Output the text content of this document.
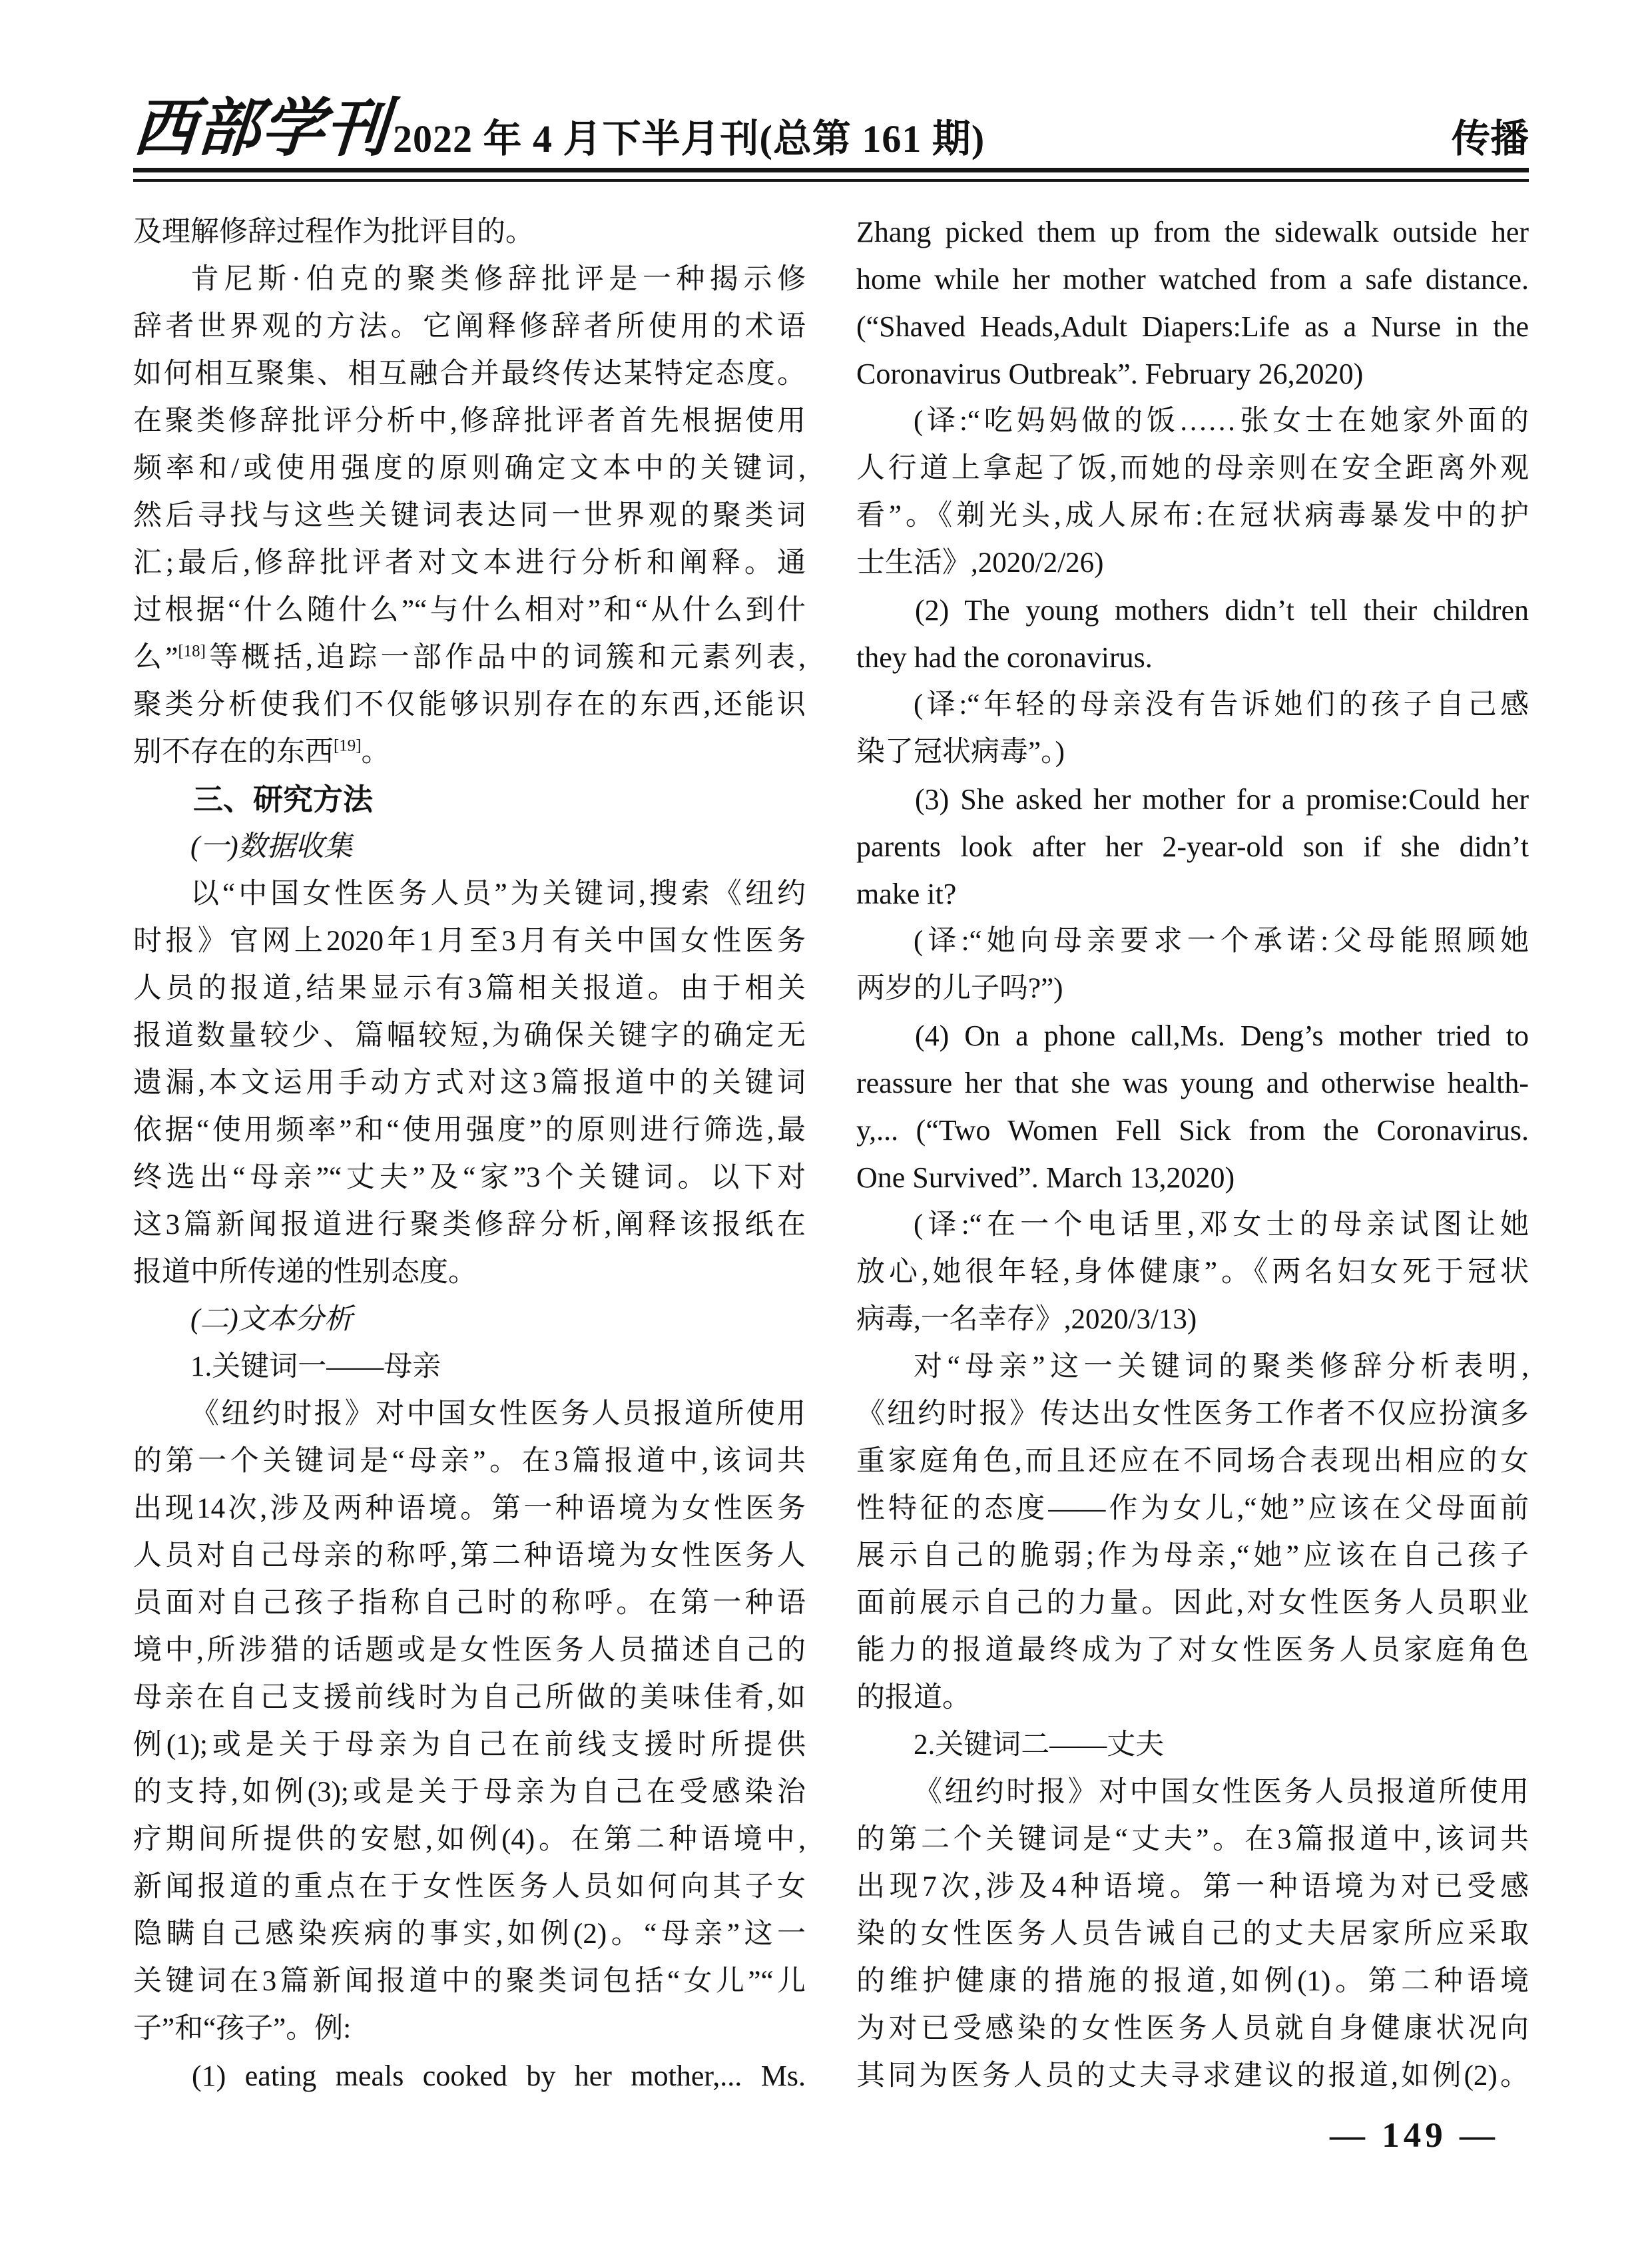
西部学刊 2022 年 4 月下半月刊(总第 161 期)	传播
及理解修辞过程作为批评目的。
肯尼斯·伯克的聚类修辞批评是一种揭示修
辞者世界观的方法。它阐释修辞者所使用的术语
如何相互聚集、相互融合并最终传达某特定态度。
在聚类修辞批评分析中,修辞批评者首先根据使用
频率和/或使用强度的原则确定文本中的关键词,
然后寻找与这些关键词表达同一世界观的聚类词
汇;最后,修辞批评者对文本进行分析和阐释。通
过根据“什么随什么”“与什么相对”和“从什么到什
么”[18]等概括,追踪一部作品中的词簇和元素列表,
聚类分析使我们不仅能够识别存在的东西,还能识
别不存在的东西[19]。
三、研究方法
(一)数据收集
以“中国女性医务人员”为关键词,搜索《纽约
时报》官网上2020年1月至3月有关中国女性医务
人员的报道,结果显示有3篇相关报道。由于相关
报道数量较少、篇幅较短,为确保关键字的确定无
遗漏,本文运用手动方式对这3篇报道中的关键词
依据“使用频率”和“使用强度”的原则进行筛选,最
终选出“母亲”“丈夫”及“家”3个关键词。以下对
这3篇新闻报道进行聚类修辞分析,阐释该报纸在
报道中所传递的性别态度。
(二)文本分析
1.关键词一——母亲
《纽约时报》对中国女性医务人员报道所使用
的第一个关键词是“母亲”。在3篇报道中,该词共
出现14次,涉及两种语境。第一种语境为女性医务
人员对自己母亲的称呼,第二种语境为女性医务人
员面对自己孩子指称自己时的称呼。在第一种语
境中,所涉猎的话题或是女性医务人员描述自己的
母亲在自己支援前线时为自己所做的美味佳肴,如
例(1);或是关于母亲为自己在前线支援时所提供
的支持,如例(3);或是关于母亲为自己在受感染治
疗期间所提供的安慰,如例(4)。在第二种语境中,
新闻报道的重点在于女性医务人员如何向其子女
隐瞒自己感染疾病的事实,如例(2)。“母亲”这一
关键词在3篇新闻报道中的聚类词包括“女儿”“儿
子”和“孩子”。例:
(1) eating meals cooked by her mother,... Ms.
Zhang picked them up from the sidewalk outside her
home while her mother watched from a safe distance.
(“Shaved Heads,Adult Diapers:Life as a Nurse in the
Coronavirus Outbreak”. February 26,2020)
(译:“吃妈妈做的饭……张女士在她家外面的
人行道上拿起了饭,而她的母亲则在安全距离外观
看”。《剃光头,成人尿布:在冠状病毒暴发中的护
士生活》,2020/2/26)
(2) The young mothers didn’t tell their children
they had the coronavirus.
(译:“年轻的母亲没有告诉她们的孩子自己感
染了冠状病毒”。)
(3) She asked her mother for a promise:Could her
parents look after her 2-year-old son if she didn’t
make it?
(译:“她向母亲要求一个承诺:父母能照顾她
两岁的儿子吗?”)
(4) On a phone call,Ms. Deng’s mother tried to
reassure her that she was young and otherwise health-
y,... (“Two Women Fell Sick from the Coronavirus.
One Survived”. March 13,2020)
(译:“在一个电话里,邓女士的母亲试图让她
放心,她很年轻,身体健康”。《两名妇女死于冠状
病毒,一名幸存》,2020/3/13)
对“母亲”这一关键词的聚类修辞分析表明,
《纽约时报》传达出女性医务工作者不仅应扮演多
重家庭角色,而且还应在不同场合表现出相应的女
性特征的态度——作为女儿,“她”应该在父母面前
展示自己的脆弱;作为母亲,“她”应该在自己孩子
面前展示自己的力量。因此,对女性医务人员职业
能力的报道最终成为了对女性医务人员家庭角色
的报道。
2.关键词二——丈夫
《纽约时报》对中国女性医务人员报道所使用
的第二个关键词是“丈夫”。在3篇报道中,该词共
出现7次,涉及4种语境。第一种语境为对已受感
染的女性医务人员告诫自己的丈夫居家所应采取
的维护健康的措施的报道,如例(1)。第二种语境
为对已受感染的女性医务人员就自身健康状况向
其同为医务人员的丈夫寻求建议的报道,如例(2)。
— 149 —
